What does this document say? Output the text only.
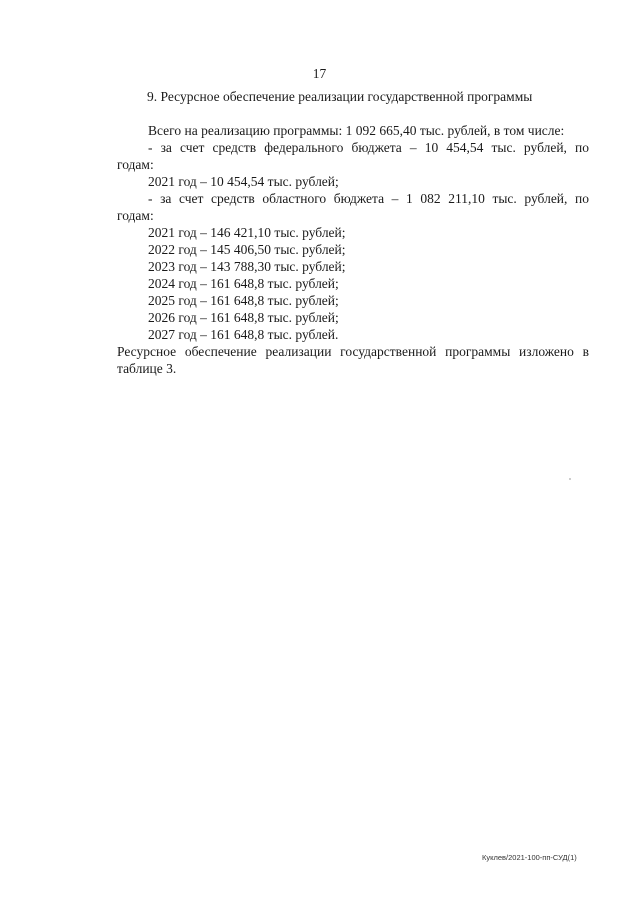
17
9. Ресурсное обеспечение реализации государственной программы
Всего на реализацию программы: 1 092 665,40 тыс. рублей, в том числе:
- за счет средств федерального бюджета – 10 454,54 тыс. рублей, по
годам:
2021 год – 10 454,54 тыс. рублей;
- за счет средств областного бюджета – 1 082 211,10 тыс. рублей, по
годам:
2021 год – 146 421,10 тыс. рублей;
2022 год – 145 406,50 тыс. рублей;
2023 год – 143 788,30 тыс. рублей;
2024 год – 161 648,8 тыс. рублей;
2025 год – 161 648,8 тыс. рублей;
2026 год – 161 648,8 тыс. рублей;
2027 год – 161 648,8 тыс. рублей.
Ресурсное обеспечение реализации государственной программы изложено в
таблице 3.
Куклев/2021-100-пп-СУД(1)
